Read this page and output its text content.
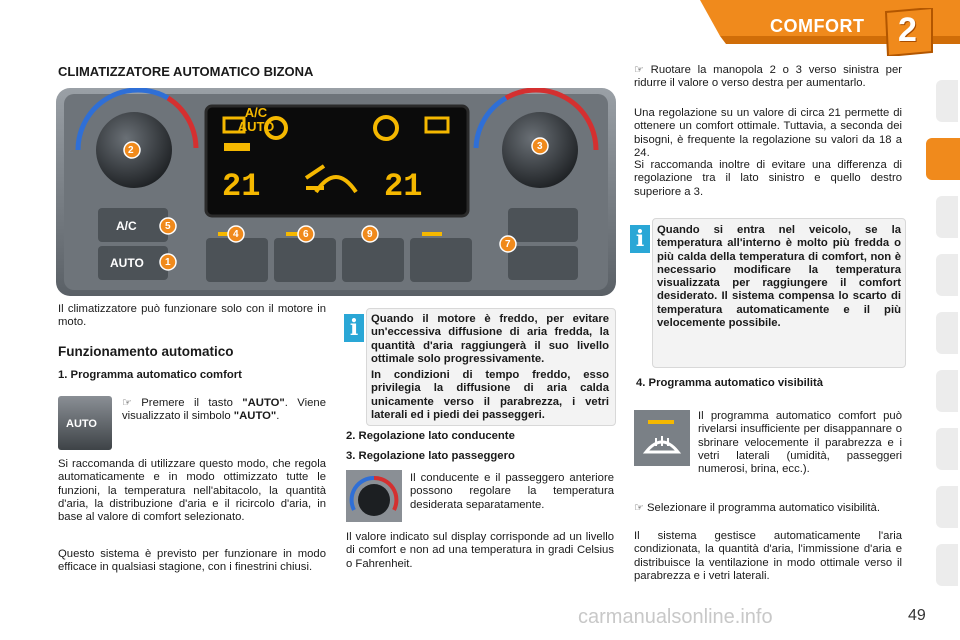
COMFORT 2
CLIMATIZZATORE AUTOMATICO BIZONA
A/C
AUTO
21	21
A/C
AUTO
2	3
5
1
4	6	9
7
Il climatizzatore può funzionare solo con il motore in moto.
Funzionamento automatico
1. Programma automatico comfort
AUTO
☞ Premere il tasto "AUTO". Viene visualizzato il simbolo "AUTO".
Si raccomanda di utilizzare questo modo, che regola automaticamente e in modo ottimizzato tutte le funzioni, la temperatura nell'abitacolo, la quantità d'aria, la distribuzione d'aria e il ricircolo d'aria, in base al valore di comfort selezionato.
Questo sistema è previsto per funzionare in modo efficace in qualsiasi stagione, con i finestrini chiusi.
i	Quando il motore è freddo, per evitare un'eccessiva diffusione di aria fredda, la quantità d'aria raggiungerà il suo livello ottimale solo progressivamente.
In condizioni di tempo freddo, esso privilegia la diffusione di aria calda unicamente verso il parabrezza, i vetri laterali ed i piedi dei passeggeri.
2. Regolazione lato conducente
3. Regolazione lato passeggero
Il conducente e il passeggero anteriore possono regolare la temperatura desiderata separatamente.
Il valore indicato sul display corrisponde ad un livello di comfort e non ad una temperatura in gradi Celsius o Fahrenheit.
☞ Ruotare la manopola 2 o 3 verso sinistra per ridurre il valore o verso destra per aumentarlo.
Una regolazione su un valore di circa 21 permette di ottenere un comfort ottimale. Tuttavia, a seconda dei bisogni, è frequente la regolazione su valori da 18 a 24.
Si raccomanda inoltre di evitare una differenza di regolazione tra il lato sinistro e quello destro superiore a 3.
i	Quando si entra nel veicolo, se la temperatura all'interno è molto più fredda o più calda della temperatura di comfort, non è necessario modificare la temperatura visualizzata per raggiungere il comfort desiderato. Il sistema compensa lo scarto di temperatura automaticamente e il più velocemente possibile.
4. Programma automatico visibilità
Il programma automatico comfort può rivelarsi insufficiente per disappannare o sbrinare velocemente il parabrezza e i vetri laterali (umidità, passeggeri numerosi, brina, ecc.).
☞ Selezionare il programma automatico visibilità.
Il sistema gestisce automaticamente l'aria condizionata, la quantità d'aria, l'immissione d'aria e distribuisce la ventilazione in modo ottimale verso il parabrezza e i vetri laterali.
carmanualsonline.info	49
